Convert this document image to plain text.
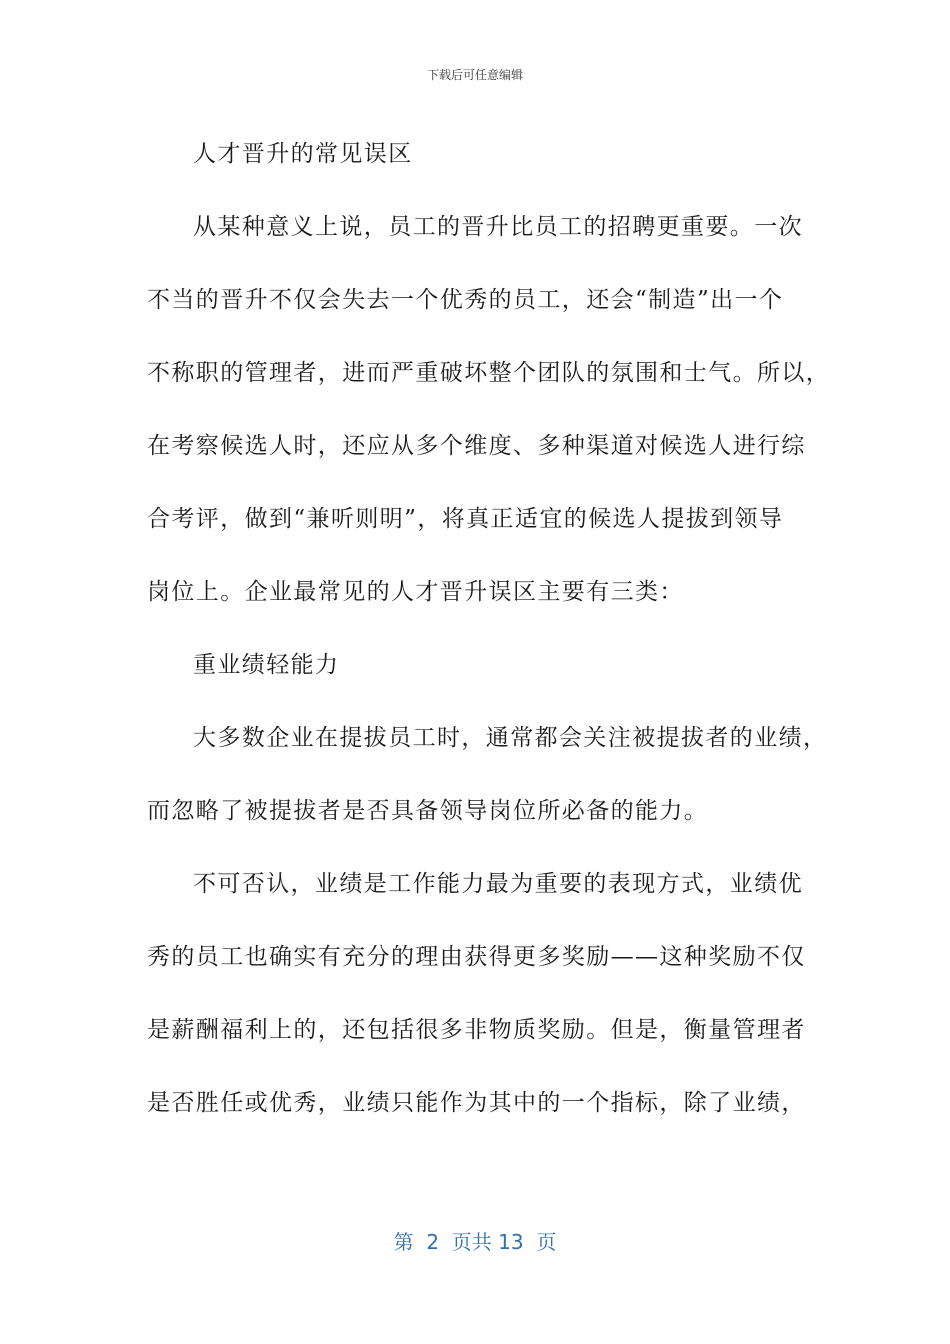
下载后可任意编辑
人才晋升的常见误区
从某种意义上说，员工的晋升比员工的招聘更重要。一次
不当的晋升不仅会失去一个优秀的员工，还会“制造”出一个
不称职的管理者，进而严重破坏整个团队的氛围和士气。所以，
在考察候选人时，还应从多个维度、多种渠道对候选人进行综
合考评，做到“兼听则明”，将真正适宜的候选人提拔到领导
岗位上。企业最常见的人才晋升误区主要有三类：
重业绩轻能力
大多数企业在提拔员工时，通常都会关注被提拔者的业绩，
而忽略了被提拔者是否具备领导岗位所必备的能力。
不可否认，业绩是工作能力最为重要的表现方式，业绩优
秀的员工也确实有充分的理由获得更多奖励——这种奖励不仅
是薪酬福利上的，还包括很多非物质奖励。但是，衡量管理者
是否胜任或优秀，业绩只能作为其中的一个指标，除了业绩，
第  2  页共 13  页
